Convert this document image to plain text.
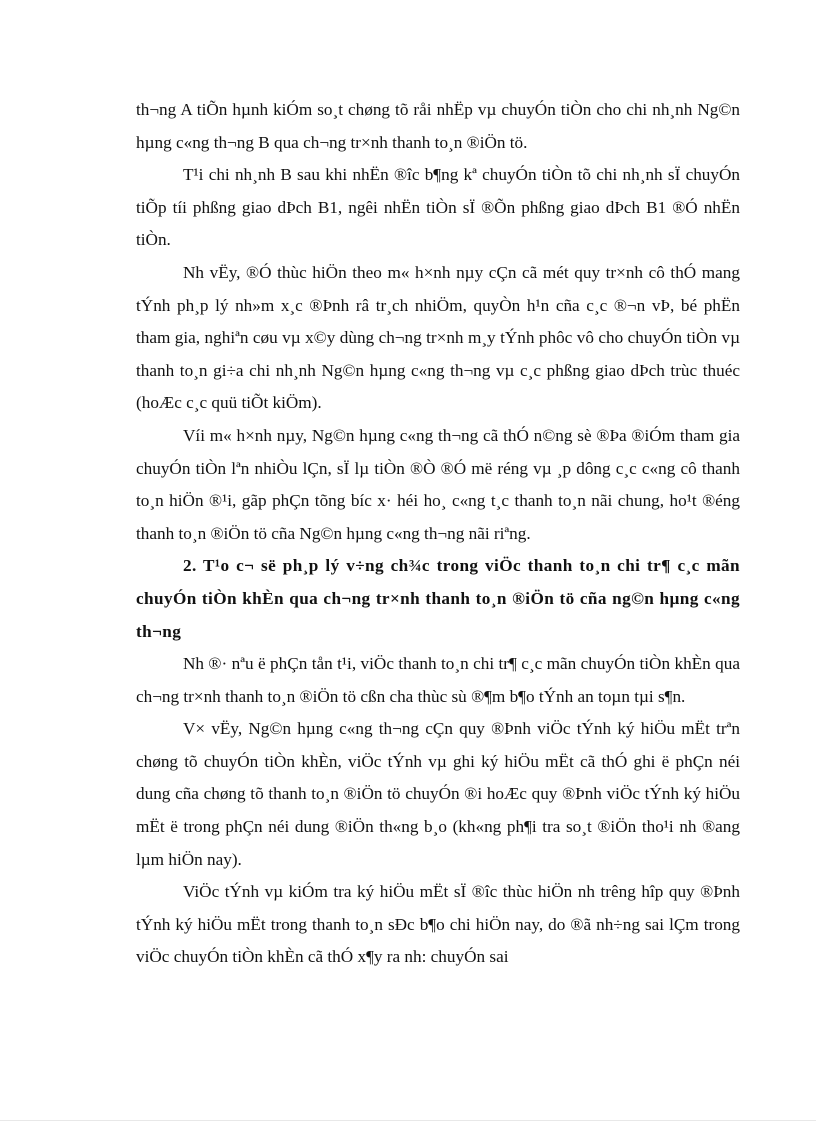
th¬ng A tiÕn hµnh kiÓm so¸t chøng tõ råi nhËp vµ chuyÓn tiÒn cho chi nh¸nh Ng©n hµng c«ng th¬ng B qua ch¬ng tr×nh thanh to¸n ®iÖn tö.

T¹i chi nh¸nh B sau khi nhËn ®îc b¶ng kª chuyÓn tiÒn tõ chi nh¸nh sÏ chuyÓn tiÕp tíi phßng giao dÞch B1, ngêi nhËn tiÒn sÏ ®Õn phßng giao dÞch B1 ®Ó nhËn tiÒn.

Nh vËy, ®Ó thùc hiÖn theo m« h×nh nµy cÇn cã mét quy tr×nh cô thÓ mang tÝnh ph¸p lý nh»m x¸c ®Þnh râ tr¸ch nhiÖm, quyÒn h¹n cña c¸c ®¬n vÞ, bé phËn tham gia, nghiªn cøu vµ x©y dùng ch¬ng tr×nh m¸y tÝnh phôc vô cho chuyÓn tiÒn vµ thanh to¸n gi÷a chi nh¸nh Ng©n hµng c«ng th¬ng vµ c¸c phßng giao dÞch trùc thuéc (hoÆc c¸c quü tiÕt kiÖm).

Víi m« h×nh nµy, Ng©n hµng c«ng th¬ng cã thÓ n©ng sè ®Þa ®iÓm tham gia chuyÓn tiÒn lªn nhiÒu lÇn, sÏ lµ tiÒn ®Ò ®Ó më réng vµ ¸p dông c¸c c«ng cô thanh to¸n hiÖn ®¹i, gãp phÇn tõng bíc x· héi ho¸ c«ng t¸c thanh to¸n nãi chung, ho¹t ®éng thanh to¸n ®iÖn tö cña Ng©n hµng c«ng th¬ng nãi riªng.

2. T¹o c¬ së ph¸p lý v÷ng ch¾c trong viÖc thanh to¸n chi tr¶ c¸c mãn chuyÓn tiÒn khÈn qua ch¬ng tr×nh thanh to¸n ®iÖn tö cña ng©n hµng c«ng th¬ng

Nh ®· nªu ë phÇn tån t¹i, viÖc thanh to¸n chi tr¶ c¸c mãn chuyÓn tiÒn khÈn qua ch¬ng tr×nh thanh to¸n ®iÖn tö cßn cha thùc sù ®¶m b¶o tÝnh an toµn tµi s¶n.

V× vËy, Ng©n hµng c«ng th¬ng cÇn quy ®Þnh viÖc tÝnh ký hiÖu mËt trªn chøng tõ chuyÓn tiÒn khÈn, viÖc tÝnh vµ ghi ký hiÖu mËt cã thÓ ghi ë phÇn néi dung cña chøng tõ thanh to¸n ®iÖn tö chuyÓn ®i hoÆc quy ®Þnh viÖc tÝnh ký hiÖu mËt ë trong phÇn néi dung ®iÖn th«ng b¸o (kh«ng ph¶i tra so¸t ®iÖn tho¹i nh ®ang lµm hiÖn nay).

ViÖc tÝnh vµ kiÓm tra ký hiÖu mËt sÏ ®îc thùc hiÖn nh trêng hîp quy ®Þnh tÝnh ký hiÖu mËt trong thanh to¸n sÐc b¶o chi hiÖn nay, do ®ã nh÷ng sai lÇm trong viÖc chuyÓn tiÒn khÈn cã thÓ x¶y ra nh: chuyÓn sai
